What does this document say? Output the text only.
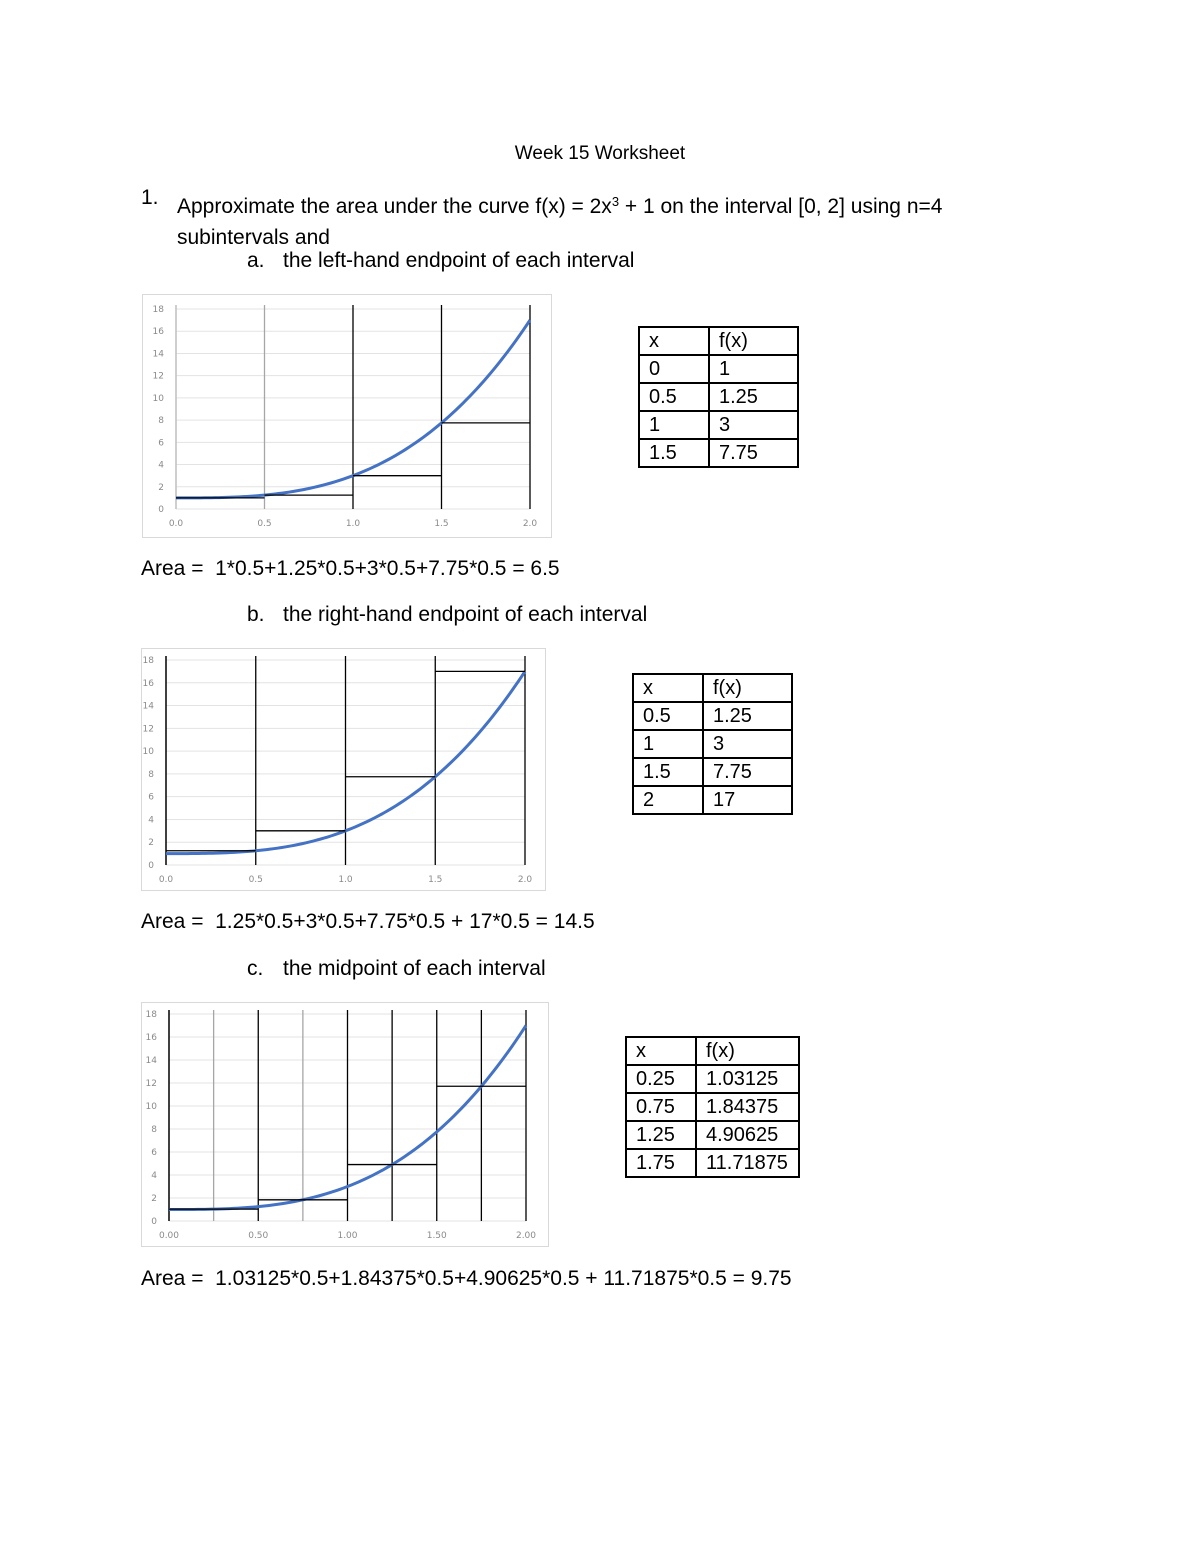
Week 15 Worksheet
1. Approximate the area under the curve $f(x) = 2x^3 + 1$ on the interval [0, 2] using n=4 subintervals and
a. the left-hand endpoint of each interval
0
2
4
6
8
10
12
14
16
18
0.0	0.5	1.0	1.5	2.0
x	f(x)
0	1
0.5	1.25
1	3
1.5	7.75
Area =  1*0.5+1.25*0.5+3*0.5+7.75*0.5 = 6.5
b. the right-hand endpoint of each interval
0
2
4
6
8
10
12
14
16
18
0.0	0.5	1.0	1.5	2.0
x	f(x)
0.5	1.25
1	3
1.5	7.75
2	17
Area =  1.25*0.5+3*0.5+7.75*0.5 + 17*0.5 = 14.5
c. the midpoint of each interval
0
2
4
6
8
10
12
14
16
18
0.00	0.50	1.00	1.50	2.00
x	f(x)
0.25	1.03125
0.75	1.84375
1.25	4.90625
1.75	11.71875
Area =  1.03125*0.5+1.84375*0.5+4.90625*0.5 + 11.71875*0.5 = 9.75
